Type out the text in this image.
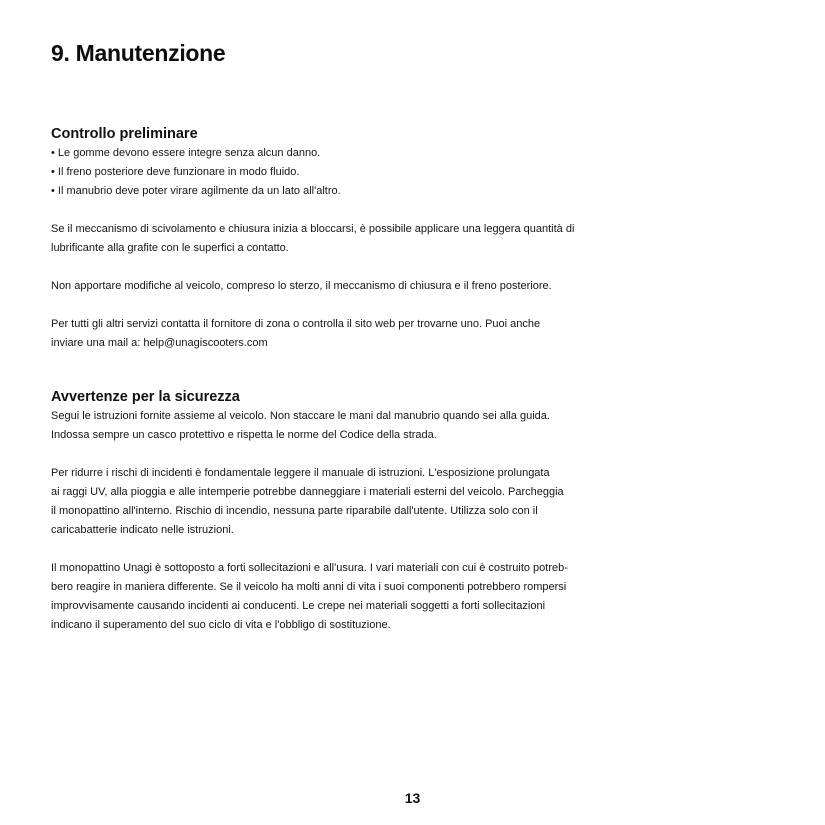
9. Manutenzione
Controllo preliminare
• Le gomme devono essere integre senza alcun danno.
• Il freno posteriore deve funzionare in modo fluido.
• Il manubrio deve poter virare agilmente da un lato all'altro.
Se il meccanismo di scivolamento e chiusura inizia a bloccarsi, è possibile applicare una leggera quantità di
lubrificante alla grafite con le superfici a contatto.
Non apportare modifiche al veicolo, compreso lo sterzo, il meccanismo di chiusura e il freno posteriore.
Per tutti gli altri servizi contatta il fornitore di zona o controlla il sito web per trovarne uno. Puoi anche
inviare una mail a: help@unagiscooters.com
Avvertenze per la sicurezza
Segui le istruzioni fornite assieme al veicolo. Non staccare le mani dal manubrio quando sei alla guida.
Indossa sempre un casco protettivo e rispetta le norme del Codice della strada.
Per ridurre i rischi di incidenti è fondamentale leggere il manuale di istruzioni. L'esposizione prolungata
ai raggi UV, alla pioggia e alle intemperie potrebbe danneggiare i materiali esterni del veicolo. Parcheggia
il monopattino all'interno. Rischio di incendio, nessuna parte riparabile dall'utente. Utilizza solo con il
caricabatterie indicato nelle istruzioni.
Il monopattino Unagi è sottoposto a forti sollecitazioni e all'usura. I vari materiali con cui è costruito potreb-
bero reagire in maniera differente. Se il veicolo ha molti anni di vita i suoi componenti potrebbero rompersi
improvvisamente causando incidenti ai conducenti. Le crepe nei materiali soggetti a forti sollecitazioni
indicano il superamento del suo ciclo di vita e l'obbligo di sostituzione.
13
